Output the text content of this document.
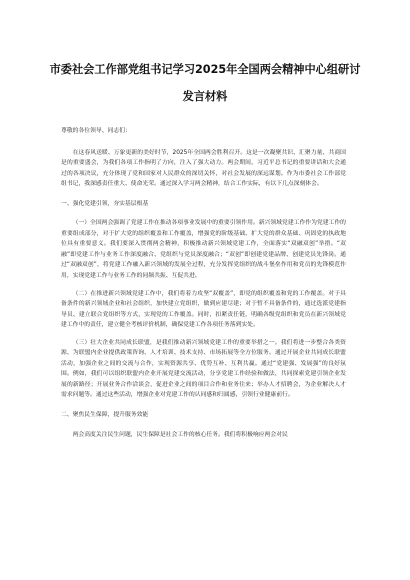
市委社会工作部党组书记学习2025年全国两会精神中心组研讨
发言材料

尊敬的各位领导、同志们：

在这春风送暖、万象更新的美好时节，2025年全国两会胜利召开。这是一次凝聚共识、汇聚力量、共商国是的重要盛会，为我们各项工作指明了方向，注入了强大动力。两会期间，习近平总书记的重要讲话和大会通过的各项决议，充分体现了党和国家对人民群众的深切关怀，对社会发展的深远谋划。作为市委社会工作部党组书记，我深感责任重大、使命光荣。通过深入学习两会精神，结合工作实际，有以下几点深刻体会。

一、强化党建引领，夯实基层根基

（一）全国两会强调了党建工作在推动各项事业发展中的重要引领作用。新兴领域党建工作作为党建工作的重要组成部分，对于扩大党的组织覆盖和工作覆盖，增强党的阶级基础、扩大党的群众基础、巩固党的执政地位具有重要意义。我们要深入贯彻两会精神，积极推动新兴领域党建工作，全面落实“双融双创”举措。“双融”即党建工作与业务工作深度融合、党组织与党员深度融合；“双创”即创建党建品牌、创建党员先锋岗。通过“双融双创”，将党建工作融入新兴领域的发展全过程，充分发挥党组织的战斗堡垒作用和党员的先锋模范作用，实现党建工作与业务工作的同频共振、互促共进。

（二）在推进新兴领域党建工作中，我们将着力攻坚“双覆盖”，即党的组织覆盖和党的工作覆盖。对于具备条件的新兴领域企业和社会组织，加快建立党组织，做到应建尽建；对于暂不具备条件的，通过选派党建指导员、建立联合党组织等方式，实现党的工作覆盖。同时，扣紧责任链，明确各级党组织和党员在新兴领域党建工作中的责任，建立健全考核评价机制，确保党建工作各项任务落到实处。

（三）壮大企业共同成长联盟，是我们推动新兴领域党建工作的重要举措之一。我们将进一步整合各类资源，为联盟内企业提供政策咨询、人才培训、技术支持、市场拓展等全方位服务。通过开展企业共同成长联盟活动，加强企业之间的交流与合作，实现资源共享、优势互补、互利共赢。通过“党建强、发展强”的良好氛围。例如，我们可以组织联盟内企业开展党建交流活动，分享党建工作经验和做法，共同探索党建引领企业发展的新路径；开展业务合作洽谈会，促进企业之间的项目合作和业务往来；举办人才招聘会，为企业解决人才需求问题等。通过这些活动，增强企业对党建工作的认同感和归属感，引领行业健康前行。

二、聚焦民生保障，提升服务效能

两会高度关注民生问题，民生保障是社会工作的核心任务。我们将积极响应两会对民
